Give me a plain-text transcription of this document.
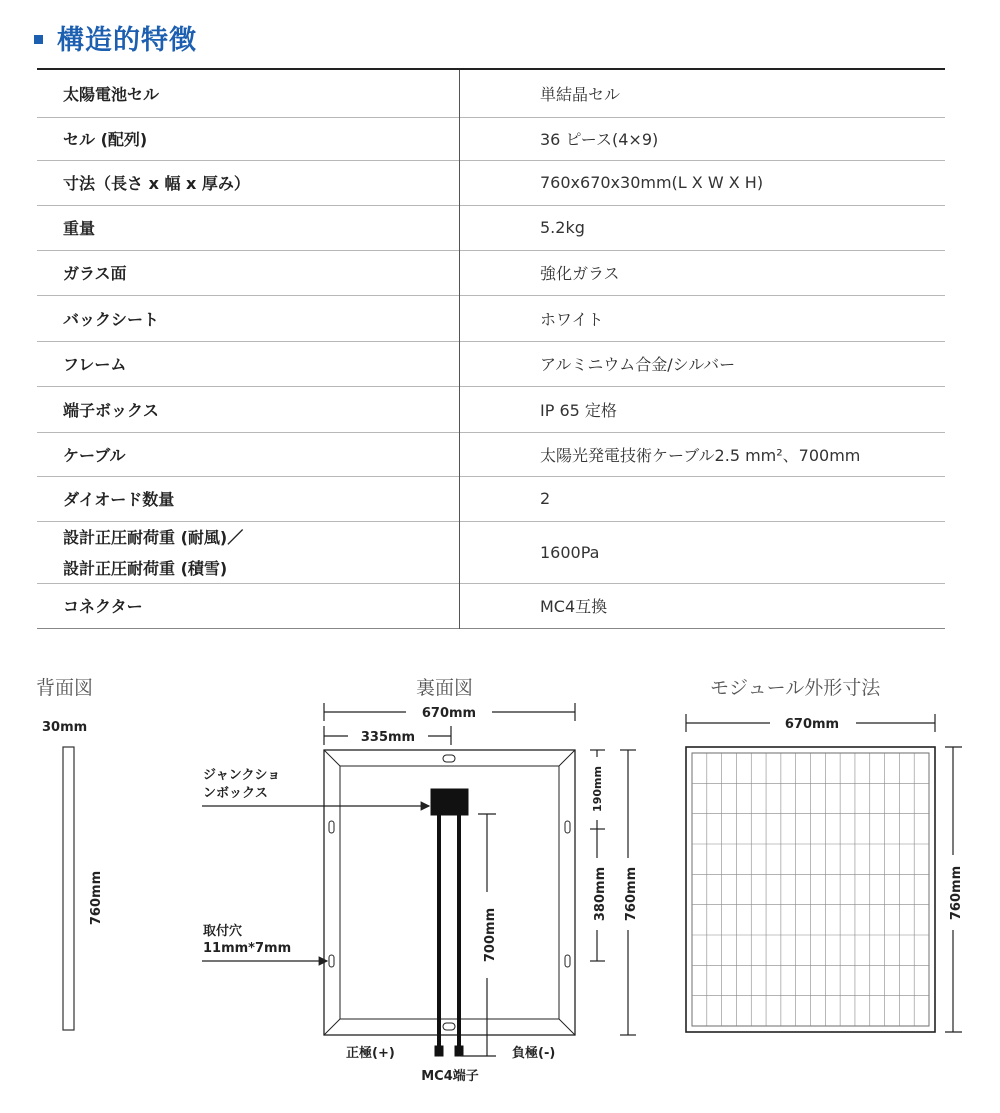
構造的特徴
太陽電池セル	単結晶セル
セル (配列)	36 ピース(4×9)
寸法（長さ x 幅 x 厚み）	760x670x30mm(L X W X H)
重量	5.2kg
ガラス面	強化ガラス
バックシート	ホワイト
フレーム	アルミニウム合金/シルバー
端子ボックス	IP 65 定格
ケーブル	太陽光発電技術ケーブル2.5 mm²、700mm
ダイオード数量	2

設計正圧耐荷重 (耐風)／
設計正圧耐荷重 (積雪)	1600Pa
コネクター	MC4互換
背面図	裏面図	モジュール外形寸法
30mm
760mm
670mm
335mm
ジャンクショ
ンボックス
取付穴
11mm*7mm	700mm
190mm
380mm 760mm
正極(+)	負極(-)
MC4端子
670mm
760mm
